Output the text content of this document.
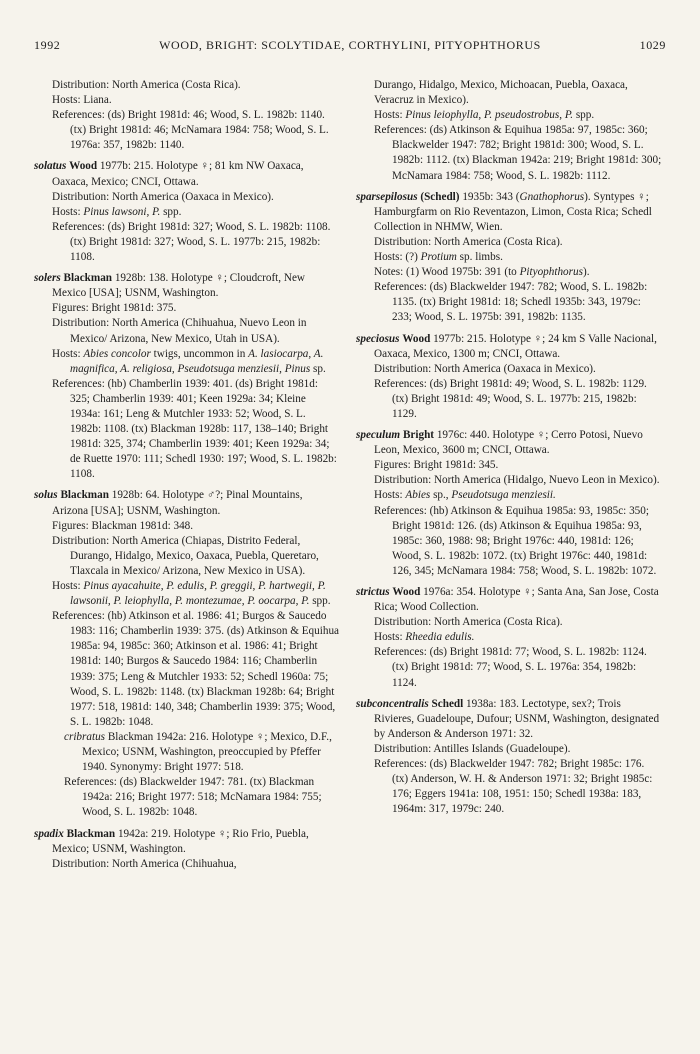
1992	WOOD, BRIGHT: SCOLYTIDAE, CORTHYLINI, PITYOPHTHORUS	1029
Distribution: North America (Costa Rica).
Hosts: Liana.
References: (ds) Bright 1981d: 46; Wood, S. L. 1982b: 1140. (tx) Bright 1981d: 46; McNamara 1984: 758; Wood, S. L. 1976a: 357, 1982b: 1140.
solatus Wood 1977b: 215. Holotype ♀; 81 km NW Oaxaca, Oaxaca, Mexico; CNCI, Ottawa.
Distribution: North America (Oaxaca in Mexico).
Hosts: Pinus lawsoni, P. spp.
References: (ds) Bright 1981d: 327; Wood, S. L. 1982b: 1108. (tx) Bright 1981d: 327; Wood, S. L. 1977b: 215, 1982b: 1108.
solers Blackman 1928b: 138. Holotype ♀; Cloudcroft, New Mexico [USA]; USNM, Washington.
Figures: Bright 1981d: 375.
Distribution: North America (Chihuahua, Nuevo Leon in Mexico/ Arizona, New Mexico, Utah in USA).
Hosts: Abies concolor twigs, uncommon in A. lasiocarpa, A. magnifica, A. religiosa, Pseudotsuga menziesii, Pinus sp.
References: (hb) Chamberlin 1939: 401. (ds) Bright 1981d: 325; Chamberlin 1939: 401; Keen 1929a: 34; Kleine 1934a: 161; Leng & Mutchler 1933: 52; Wood, S. L. 1982b: 1108. (tx) Blackman 1928b: 117, 138–140; Bright 1981d: 325, 374; Chamberlin 1939: 401; Keen 1929a: 34; de Ruette 1970: 111; Schedl 1930: 197; Wood, S. L. 1982b: 1108.
solus Blackman 1928b: 64. Holotype ♂?; Pinal Mountains, Arizona [USA]; USNM, Washington.
Figures: Blackman 1981d: 348.
Distribution: North America (Chiapas, Distrito Federal, Durango, Hidalgo, Mexico, Oaxaca, Puebla, Queretaro, Tlaxcala in Mexico/ Arizona, New Mexico in USA).
Hosts: Pinus ayacahuite, P. edulis, P. greggii, P. hartwegii, P. lawsonii, P. leiophylla, P. montezumae, P. oocarpa, P. spp.
References: (hb) Atkinson et al. 1986: 41; Burgos & Saucedo 1983: 116; Chamberlin 1939: 375. (ds) Atkinson & Equihua 1985a: 94, 1985c: 360; Atkinson et al. 1986: 41; Bright 1981d: 140; Burgos & Saucedo 1984: 116; Chamberlin 1939: 375; Leng & Mutchler 1933: 52; Schedl 1960a: 75; Wood, S. L. 1982b: 1148. (tx) Blackman 1928b: 64; Bright 1977: 518, 1981d: 140, 348; Chamberlin 1939: 375; Wood, S. L. 1982b: 1048.
cribratus Blackman 1942a: 216. Holotype ♀; Mexico, D.F., Mexico; USNM, Washington, preoccupied by Pfeffer 1940. Synonymy: Bright 1977: 518.
References: (ds) Blackwelder 1947: 781. (tx) Blackman 1942a: 216; Bright 1977: 518; McNamara 1984: 755; Wood, S. L. 1982b: 1048.
spadix Blackman 1942a: 219. Holotype ♀; Rio Frio, Puebla, Mexico; USNM, Washington.
Distribution: North America (Chihuahua,
Durango, Hidalgo, Mexico, Michoacan, Puebla, Oaxaca, Veracruz in Mexico).
Hosts: Pinus leiophylla, P. pseudostrobus, P. spp.
References: (ds) Atkinson & Equihua 1985a: 97, 1985c: 360; Blackwelder 1947: 782; Bright 1981d: 300; Wood, S. L. 1982b: 1112. (tx) Blackman 1942a: 219; Bright 1981d: 300; McNamara 1984: 758; Wood, S. L. 1982b: 1112.
sparsepilosus (Schedl) 1935b: 343 (Gnathophorus). Syntypes ♀; Hamburgfarm on Rio Reventazon, Limon, Costa Rica; Schedl Collection in NHMW, Wien.
Distribution: North America (Costa Rica).
Hosts: (?) Protium sp. limbs.
Notes: (1) Wood 1975b: 391 (to Pityophthorus).
References: (ds) Blackwelder 1947: 782; Wood, S. L. 1982b: 1135. (tx) Bright 1981d: 18; Schedl 1935b: 343, 1979c: 233; Wood, S. L. 1975b: 391, 1982b: 1135.
speciosus Wood 1977b: 215. Holotype ♀; 24 km S Valle Nacional, Oaxaca, Mexico, 1300 m; CNCI, Ottawa.
Distribution: North America (Oaxaca in Mexico).
References: (ds) Bright 1981d: 49; Wood, S. L. 1982b: 1129. (tx) Bright 1981d: 49; Wood, S. L. 1977b: 215, 1982b: 1129.
speculum Bright 1976c: 440. Holotype ♀; Cerro Potosi, Nuevo Leon, Mexico, 3600 m; CNCI, Ottawa.
Figures: Bright 1981d: 345.
Distribution: North America (Hidalgo, Nuevo Leon in Mexico).
Hosts: Abies sp., Pseudotsuga menziesii.
References: (hb) Atkinson & Equihua 1985a: 93, 1985c: 350; Bright 1981d: 126. (ds) Atkinson & Equihua 1985a: 93, 1985c: 360, 1988: 98; Bright 1976c: 440, 1981d: 126; Wood, S. L. 1982b: 1072. (tx) Bright 1976c: 440, 1981d: 126, 345; McNamara 1984: 758; Wood, S. L. 1982b: 1072.
strictus Wood 1976a: 354. Holotype ♀; Santa Ana, San Jose, Costa Rica; Wood Collection.
Distribution: North America (Costa Rica).
Hosts: Rheedia edulis.
References: (ds) Bright 1981d: 77; Wood, S. L. 1982b: 1124. (tx) Bright 1981d: 77; Wood, S. L. 1976a: 354, 1982b: 1124.
subconcentralis Schedl 1938a: 183. Lectotype, sex?; Trois Rivieres, Guadeloupe, Dufour; USNM, Washington, designated by Anderson & Anderson 1971: 32.
Distribution: Antilles Islands (Guadeloupe).
References: (ds) Blackwelder 1947: 782; Bright 1985c: 176. (tx) Anderson, W. H. & Anderson 1971: 32; Bright 1985c: 176; Eggers 1941a: 108, 1951: 150; Schedl 1938a: 183, 1964m: 317, 1979c: 240.
